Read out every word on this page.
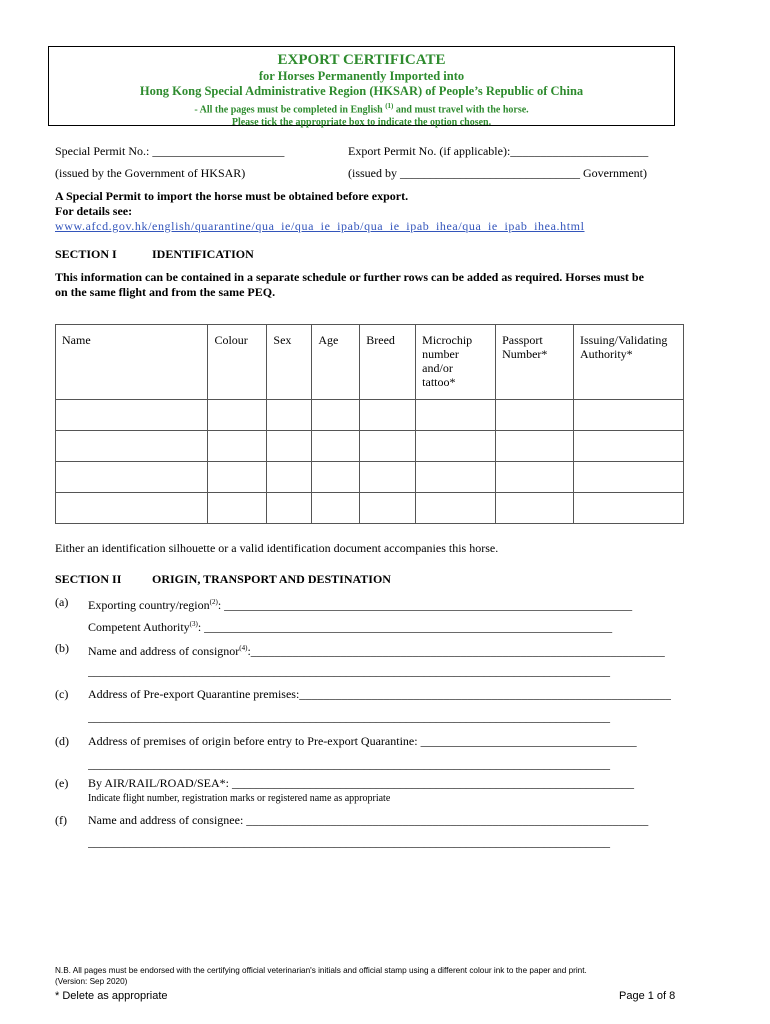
EXPORT CERTIFICATE
for Horses Permanently Imported into
Hong Kong Special Administrative Region (HKSAR) of People’s Republic of China
- All the pages must be completed in English $^{(1)}$ and must travel with the horse.
Please tick the appropriate box to indicate the option chosen.
Special Permit No.: ______________________	Export Permit No. (if applicable):_______________________
(issued by the Government of HKSAR)	(issued by ______________________________ Government)
A Special Permit to import the horse must be obtained before export.
For details see:
www.afcd.gov.hk/english/quarantine/qua_ie/qua_ie_ipab/qua_ie_ipab_ihea/qua_ie_ipab_ihea.html
SECTION I	IDENTIFICATION
This information can be contained in a separate schedule or further rows can be added as required. Horses must be
on the same flight and from the same PEQ.
Name	Colour	Sex	Age	Breed	Microchip number and/or tattoo*	Passport Number*	Issuing/Validating Authority*

Either an identification silhouette or a valid identification document accompanies this horse.
SECTION II	ORIGIN, TRANSPORT AND DESTINATION
(a) Exporting country/region$^{(2)}$: ____________________________________________________________________
Competent Authority$^{(3)}$: ____________________________________________________________________
(b) Name and address of consignor$^{(4)}$:_____________________________________________________________________
_______________________________________________________________________________________
(c) Address of Pre-export Quarantine premises:______________________________________________________________
_______________________________________________________________________________________
(d) Address of premises of origin before entry to Pre-export Quarantine: ____________________________________
_______________________________________________________________________________________
(e) By AIR/RAIL/ROAD/SEA*: ___________________________________________________________________
Indicate flight number, registration marks or registered name as appropriate
(f) Name and address of consignee: ___________________________________________________________________
_______________________________________________________________________________________
N.B. All pages must be endorsed with the certifying official veterinarian's initials and official stamp using a different colour ink to the paper and print.
(Version: Sep 2020)
* Delete as appropriate	Page 1 of 8
